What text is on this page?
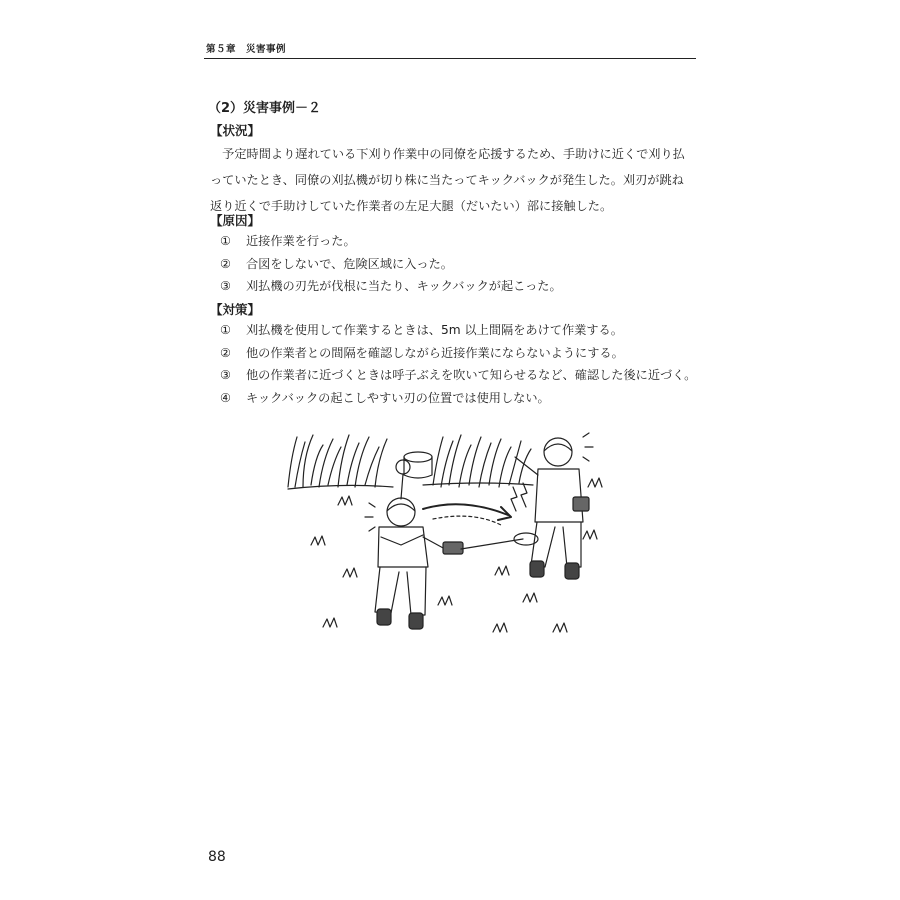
第５章　災害事例
（2）災害事例－２
【状況】

　予定時間より遅れている下刈り作業中の同僚を応援するため、手助けに近くで刈り払

っていたとき、同僚の刈払機が切り株に当たってキックバックが発生した。刈刃が跳ね

返り近くで手助けしていた作業者の左足大腿（だいたい）部に接触した。

【原因】
① 近接作業を行った。
② 合図をしないで、危険区域に入った。
③ 刈払機の刃先が伐根に当たり、キックバックが起こった。
【対策】
① 刈払機を使用して作業するときは、5m 以上間隔をあけて作業する。
② 他の作業者との間隔を確認しながら近接作業にならないようにする。
③ 他の作業者に近づくときは呼子ぶえを吹いて知らせるなど、確認した後に近づく。
④ キックバックの起こしやすい刃の位置では使用しない。
88
